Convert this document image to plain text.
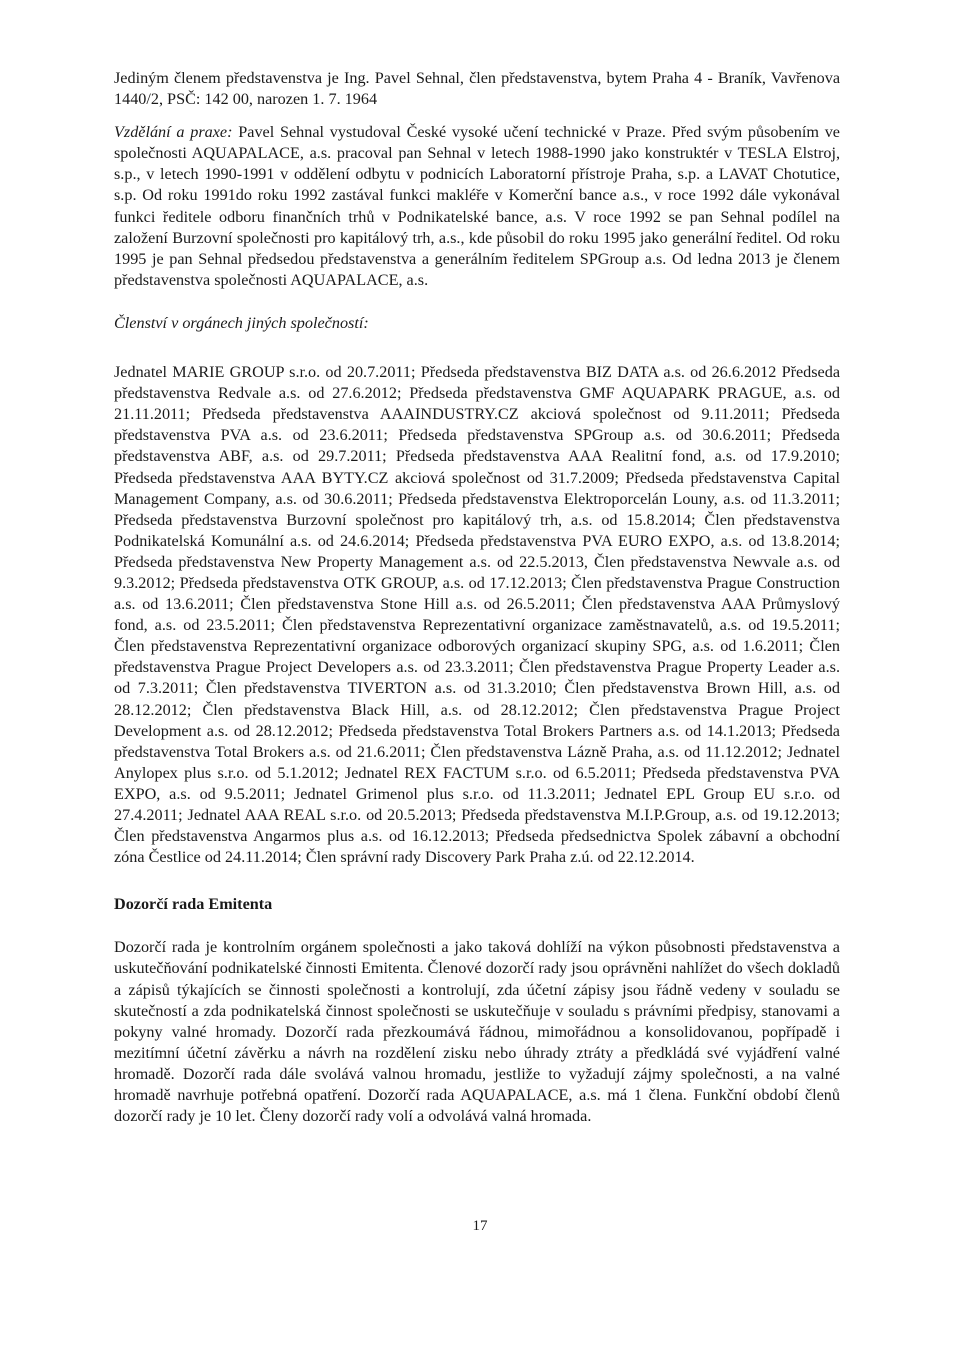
Jediným členem představenstva je Ing. Pavel Sehnal, člen představenstva, bytem Praha 4 - Braník, Vavřenova 1440/2, PSČ: 142 00, narozen 1. 7. 1964

Vzdělání a praxe: Pavel Sehnal vystudoval České vysoké učení technické v Praze. Před svým působením ve společnosti AQUAPALACE, a.s. pracoval pan Sehnal v letech 1988-1990 jako konstruktér v TESLA Elstroj, s.p., v letech 1990-1991 v oddělení odbytu v podnicích Laboratorní přístroje Praha, s.p. a LAVAT Chotutice, s.p. Od roku 1991do roku 1992 zastával funkci makléře v Komerční bance a.s., v roce 1992 dále vykonával funkci ředitele odboru finančních trhů v Podnikatelské bance, a.s. V roce 1992 se pan Sehnal podílel na založení Burzovní společnosti pro kapitálový trh, a.s., kde působil do roku 1995 jako generální ředitel. Od roku 1995 je pan Sehnal předsedou představenstva a generálním ředitelem SPGroup a.s. Od ledna 2013 je členem představenstva společnosti AQUAPALACE, a.s.

Členství v orgánech jiných společností:

Jednatel MARIE GROUP s.r.o. od 20.7.2011; Předseda představenstva BIZ DATA a.s. od 26.6.2012 Předseda představenstva Redvale a.s. od 27.6.2012; Předseda představenstva GMF AQUAPARK PRAGUE, a.s. od 21.11.2011; Předseda představenstva AAAINDUSTRY.CZ akciová společnost od 9.11.2011; Předseda představenstva PVA a.s. od 23.6.2011; Předseda představenstva SPGroup a.s. od 30.6.2011; Předseda představenstva ABF, a.s. od 29.7.2011; Předseda představenstva AAA Realitní fond, a.s. od 17.9.2010; Předseda představenstva AAA BYTY.CZ akciová společnost od 31.7.2009; Předseda představenstva Capital Management Company, a.s. od 30.6.2011; Předseda představenstva Elektroporcelán Louny, a.s. od 11.3.2011; Předseda představenstva Burzovní společnost pro kapitálový trh, a.s. od 15.8.2014; Člen představenstva Podnikatelská Komunální a.s. od 24.6.2014; Předseda představenstva PVA EURO EXPO, a.s. od 13.8.2014; Předseda představenstva New Property Management a.s. od 22.5.2013, Člen představenstva Newvale a.s. od 9.3.2012; Předseda představenstva OTK GROUP, a.s. od 17.12.2013; Člen představenstva Prague Construction a.s. od 13.6.2011; Člen představenstva Stone Hill a.s. od 26.5.2011; Člen představenstva AAA Průmyslový fond, a.s. od 23.5.2011; Člen představenstva Reprezentativní organizace zaměstnavatelů, a.s. od 19.5.2011; Člen představenstva Reprezentativní organizace odborových organizací skupiny SPG, a.s. od 1.6.2011; Člen představenstva Prague Project Developers a.s. od 23.3.2011; Člen představenstva Prague Property Leader a.s. od 7.3.2011; Člen představenstva TIVERTON a.s. od 31.3.2010; Člen představenstva Brown Hill, a.s. od 28.12.2012; Člen představenstva Black Hill, a.s. od 28.12.2012; Člen představenstva Prague Project Development a.s. od 28.12.2012; Předseda představenstva Total Brokers Partners a.s. od 14.1.2013; Předseda představenstva Total Brokers a.s. od 21.6.2011; Člen představenstva Lázně Praha, a.s. od 11.12.2012; Jednatel Anylopex plus s.r.o. od 5.1.2012; Jednatel REX FACTUM s.r.o. od 6.5.2011; Předseda představenstva PVA EXPO, a.s. od 9.5.2011; Jednatel Grimenol plus s.r.o. od 11.3.2011; Jednatel EPL Group EU s.r.o. od 27.4.2011; Jednatel AAA REAL s.r.o. od 20.5.2013; Předseda představenstva M.I.P.Group, a.s. od 19.12.2013; Člen představenstva Angarmos plus a.s. od 16.12.2013; Předseda předsednictva Spolek zábavní a obchodní zóna Čestlice od 24.11.2014; Člen správní rady Discovery Park Praha z.ú. od 22.12.2014.

Dozorčí rada Emitenta

Dozorčí rada je kontrolním orgánem společnosti a jako taková dohlíží na výkon působnosti představenstva a uskutečňování podnikatelské činnosti Emitenta. Členové dozorčí rady jsou oprávněni nahlížet do všech dokladů a zápisů týkajících se činnosti společnosti a kontrolují, zda účetní zápisy jsou řádně vedeny v souladu se skutečností a zda podnikatelská činnost společnosti se uskutečňuje v souladu s právními předpisy, stanovami a pokyny valné hromady. Dozorčí rada přezkoumává řádnou, mimořádnou a konsolidovanou, popřípadě i mezitímní účetní závěrku a návrh na rozdělení zisku nebo úhrady ztráty a předkládá své vyjádření valné hromadě. Dozorčí rada dále svolává valnou hromadu, jestliže to vyžadují zájmy společnosti, a na valné hromadě navrhuje potřebná opatření. Dozorčí rada AQUAPALACE, a.s. má 1 člena. Funkční období členů dozorčí rady je 10 let. Členy dozorčí rady volí a odvolává valná hromada.

17
